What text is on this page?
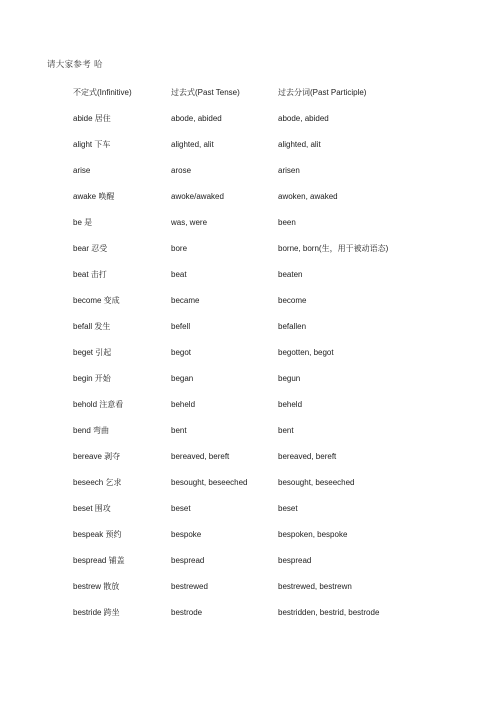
请大家参考 哈
不定式(Infinitive)	过去式(Past Tense)	过去分词(Past Participle)
abide 居住	abode, abided	abode, abided
alight 下车	alighted, alit	alighted, alit
arise	arose	arisen
awake 唤醒	awoke/awaked	awoken, awaked
be 是	was, were	been
bear 忍受	bore	borne, born(生，用于被动语态)
beat 击打	beat	beaten
become 变成	became	become
befall 发生	befell	befallen
beget 引起	begot	begotten, begot
begin 开始	began	begun
behold 注意看	beheld	beheld
bend 弯曲	bent	bent
bereave 剥夺	bereaved, bereft	bereaved, bereft
beseech 乞求	besought, beseeched	besought, beseeched
beset 围攻	beset	beset
bespeak 预约	bespoke	bespoken, bespoke
bespread 铺盖	bespread	bespread
bestrew 散放	bestrewed	bestrewed, bestrewn
bestride 跨坐	bestrode	bestridden, bestrid, bestrode
